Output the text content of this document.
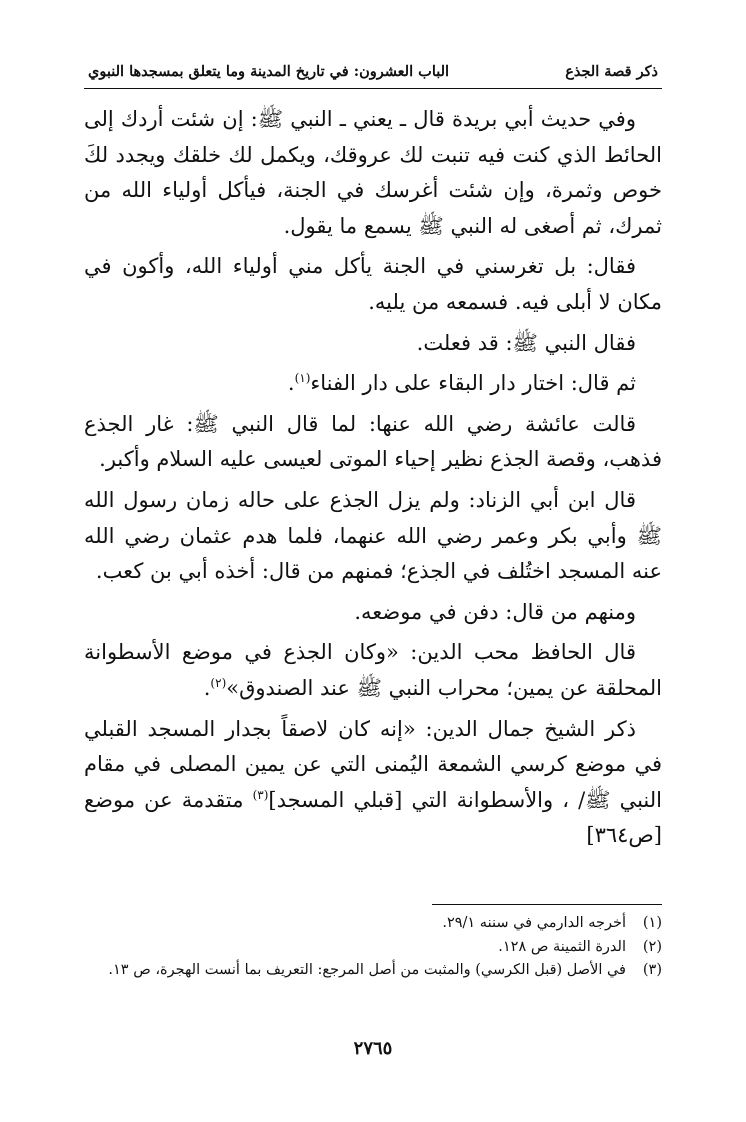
ذكر قصة الجذع
الباب العشرون: في تاريخ المدينة وما يتعلق بمسجدها النبوي

وفي حديث أبي بريدة قال ـ يعني ـ النبي ﷺ: إن شئت أردك إلى الحائط الذي كنت فيه تنبت لك عروقك، ويكمل لك خلقك ويجدد لكَ خوص وثمرة، وإن شئت أغرسك في الجنة، فيأكل أولياء الله من ثمرك، ثم أصغى له النبي ﷺ يسمع ما يقول.

فقال: بل تغرسني في الجنة يأكل مني أولياء الله، وأكون في مكان لا أبلى فيه. فسمعه من يليه.

فقال النبي ﷺ: قد فعلت.

ثم قال: اختار دار البقاء على دار الفناء$^{(١)}$.

قالت عائشة رضي الله عنها: لما قال النبي ﷺ: غار الجذع فذهب، وقصة الجذع نظير إحياء الموتى لعيسى عليه السلام وأكبر.

قال ابن أبي الزناد: ولم يزل الجذع على حاله زمان رسول الله ﷺ وأبي بكر وعمر رضي الله عنهما، فلما هدم عثمان رضي الله عنه المسجد اختُلف في الجذع؛ فمنهم من قال: أخذه أبي بن كعب.

ومنهم من قال: دفن في موضعه.

قال الحافظ محب الدين: «وكان الجذع في موضع الأسطوانة المحلقة عن يمين؛ محراب النبي ﷺ عند الصندوق»$^{(٢)}$.

ذكر الشيخ جمال الدين: «إنه كان لاصقاً بجدار المسجد القبلي في موضع كرسي الشمعة اليُمنى التي عن يمين المصلى في مقام النبي ﷺ/ ، والأسطوانة التي [قبلي المسجد]$^{(٣)}$ متقدمة عن موضع [ص٣٦٤]

(١)
أخرجه الدارمي في سننه ٢٩/١.
(٢)
الدرة الثمينة ص ١٢٨.
(٣)
في الأصل (قبل الكرسي) والمثبت من أصل المرجع: التعريف بما أنست الهجرة، ص ١٣.
٢٧٦٥
